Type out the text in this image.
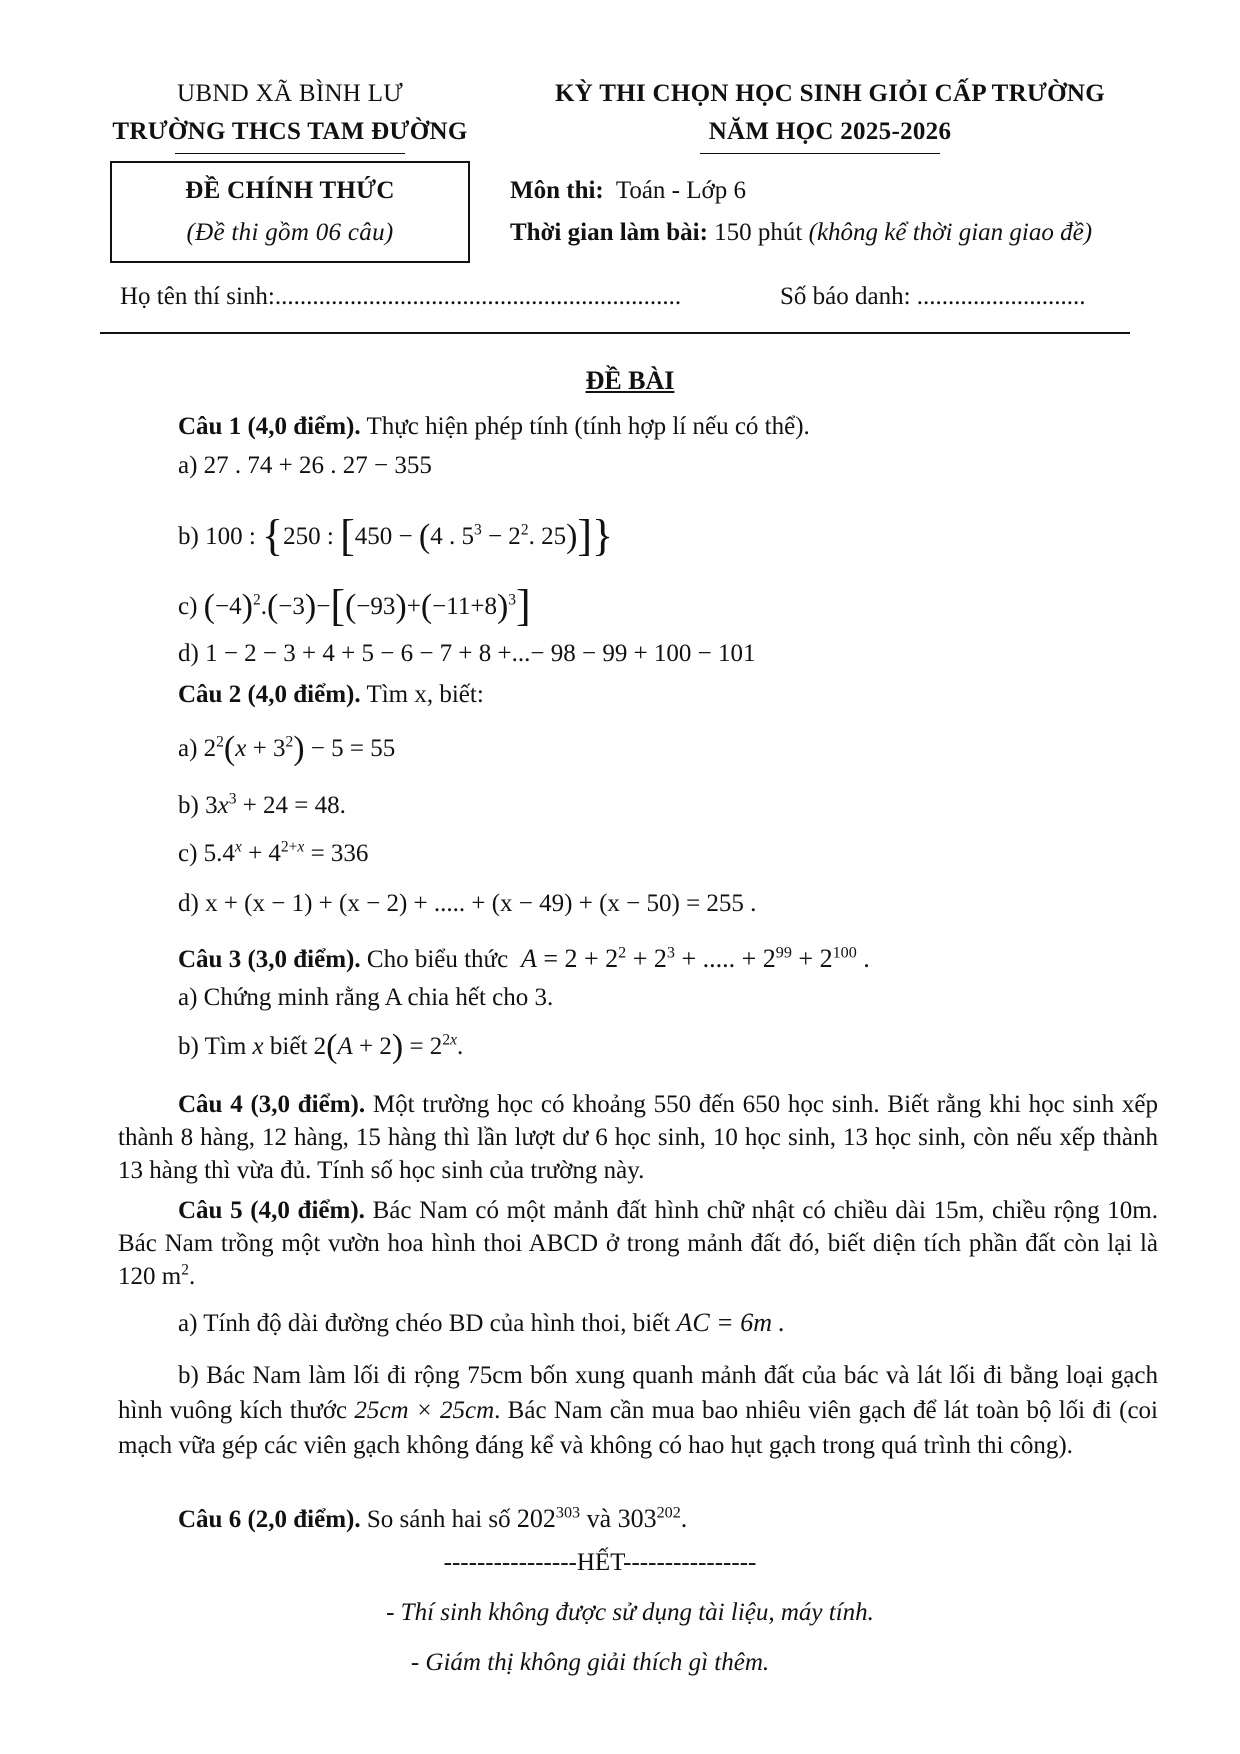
UBND XÃ BÌNH LƯ
TRƯỜNG THCS TAM ĐƯỜNG
KỲ THI CHỌN HỌC SINH GIỎI CẤP TRƯỜNG
NĂM HỌC 2025-2026
ĐỀ CHÍNH THỨC
(Đề thi gồm 06 câu)
Môn thi: Toán - Lớp 6
Thời gian làm bài: 150 phút (không kể thời gian giao đề)
Họ tên thí sinh:.................................................................	Số báo danh: ...........................
ĐỀ BÀI
Câu 1 (4,0 điểm). Thực hiện phép tính (tính hợp lí nếu có thể).
a) 27 . 74 + 26 . 27 − 355
b) 100 : {250 : [450 − (4 . $5^3 - 2^2$. 25)]}
c) $(-4)^2.(-3)-[(-93)+(-11+8)^3]$
d) 1 − 2 − 3 + 4 + 5 − 6 − 7 + 8 +...− 98 − 99 + 100 − 101
Câu 2 (4,0 điểm). Tìm x, biết:
a) $2^2(x + 3^2) - 5 = 55$
b) $3x^3 + 24 = 48$.
c) $5.4^x + 4^{2+x} = 336$
d) x + (x − 1) + (x − 2) + ..... + (x − 49) + (x − 50) = 255 .
Câu 3 (3,0 điểm). Cho biểu thức $A = 2 + 2^2 + 2^3$ + ..... + $2^{99} + 2^{100}$ .
a) Chứng minh rằng A chia hết cho 3.
b) Tìm x biết $2(A + 2) = 2^{2x}$.
Câu 4 (3,0 điểm). Một trường học có khoảng 550 đến 650 học sinh. Biết rằng khi học sinh xếp thành 8 hàng, 12 hàng, 15 hàng thì lần lượt dư 6 học sinh, 10 học sinh, 13 học sinh, còn nếu xếp thành 13 hàng thì vừa đủ. Tính số học sinh của trường này.
Câu 5 (4,0 điểm). Bác Nam có một mảnh đất hình chữ nhật có chiều dài 15m, chiều rộng 10m. Bác Nam trồng một vườn hoa hình thoi ABCD ở trong mảnh đất đó, biết diện tích phần đất còn lại là 120 $m^2$.
a) Tính độ dài đường chéo BD của hình thoi, biết AC = 6m .
b) Bác Nam làm lối đi rộng 75cm bốn xung quanh mảnh đất của bác và lát lối đi bằng loại gạch hình vuông kích thước 25cm × 25cm. Bác Nam cần mua bao nhiêu viên gạch để lát toàn bộ lối đi (coi mạch vữa gép các viên gạch không đáng kể và không có hao hụt gạch trong quá trình thi công).
Câu 6 (2,0 điểm). So sánh hai số $202^{303}$ và $303^{202}$.
----------------HẾT----------------
- Thí sinh không được sử dụng tài liệu, máy tính.
- Giám thị không giải thích gì thêm.
